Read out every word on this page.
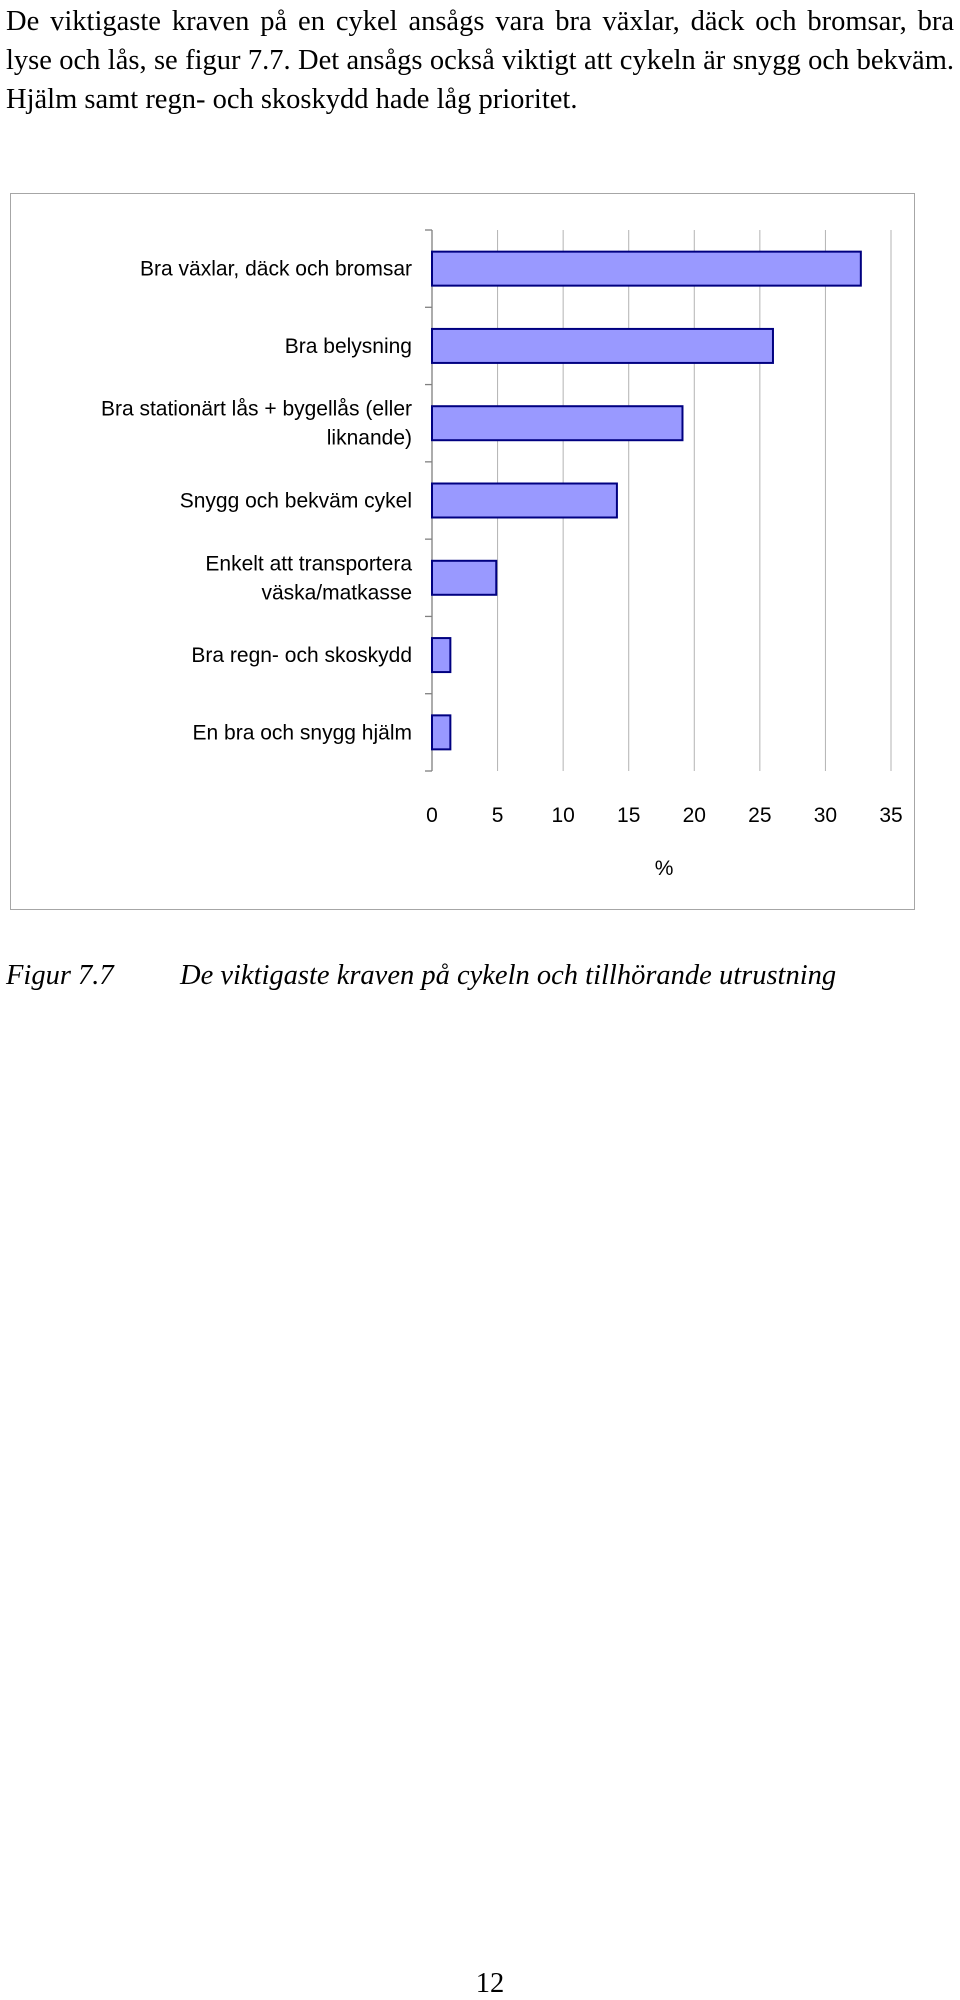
De viktigaste kraven på en cykel ansågs vara bra växlar, däck och bromsar, bra lyse och lås, se figur 7.7. Det ansågs också viktigt att cykeln är snygg och bekväm. Hjälm samt regn- och skoskydd hade låg prioritet.

Bra växlar, däck och bromsar
Bra belysning
Bra stationärt lås + bygellås (eller liknande)
Snygg och bekväm cykel
Enkelt att transportera väska/matkasse
Bra regn- och skoskydd
En bra och snygg hjälm
0	5 10 15 20 25 30 35
%
Figur 7.7 De viktigaste kraven på cykeln och tillhörande utrustning
12
